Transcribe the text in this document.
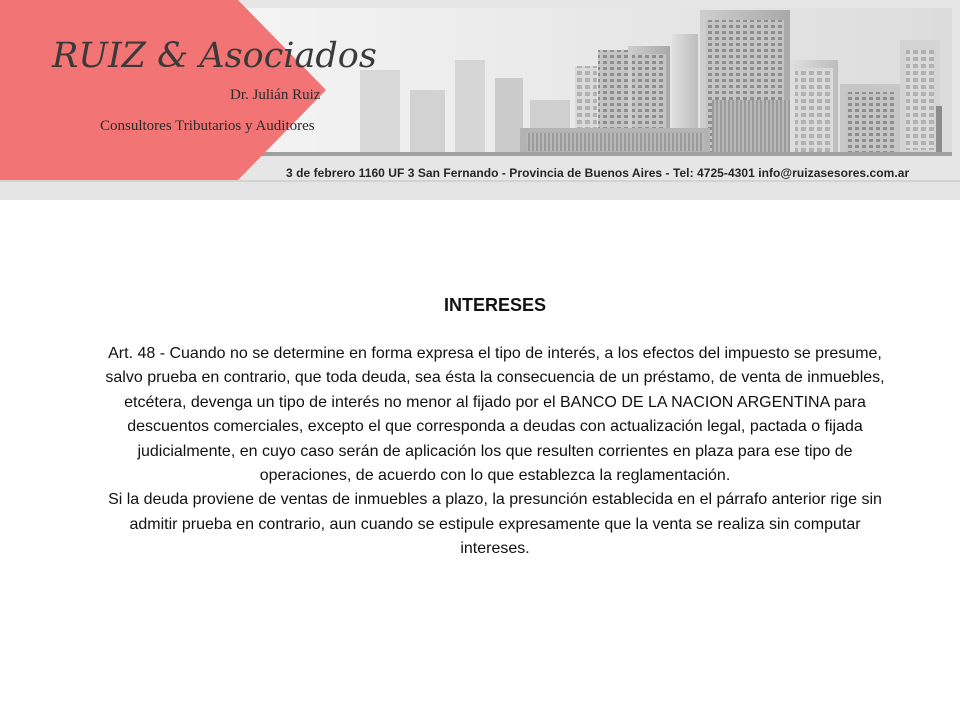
RUIZ & Asociados
Dr. Julián Ruiz
Consultores Tributarios y Auditores
3 de febrero 1160 UF 3 San Fernando - Provincia de Buenos Aires - Tel: 4725-4301 info@ruizasesores.com.ar
INTERESES

Art. 48 - Cuando no se determine en forma expresa el tipo de interés, a los efectos del impuesto se presume, salvo prueba en contrario, que toda deuda, sea ésta la consecuencia de un préstamo, de venta de inmuebles, etcétera, devenga un tipo de interés no menor al fijado por el BANCO DE LA NACION ARGENTINA para descuentos comerciales, excepto el que corresponda a deudas con actualización legal, pactada o fijada judicialmente, en cuyo caso serán de aplicación los que resulten corrientes en plaza para ese tipo de operaciones, de acuerdo con lo que establezca la reglamentación.

Si la deuda proviene de ventas de inmuebles a plazo, la presunción establecida en el párrafo anterior rige sin admitir prueba en contrario, aun cuando se estipule expresamente que la venta se realiza sin computar intereses.
